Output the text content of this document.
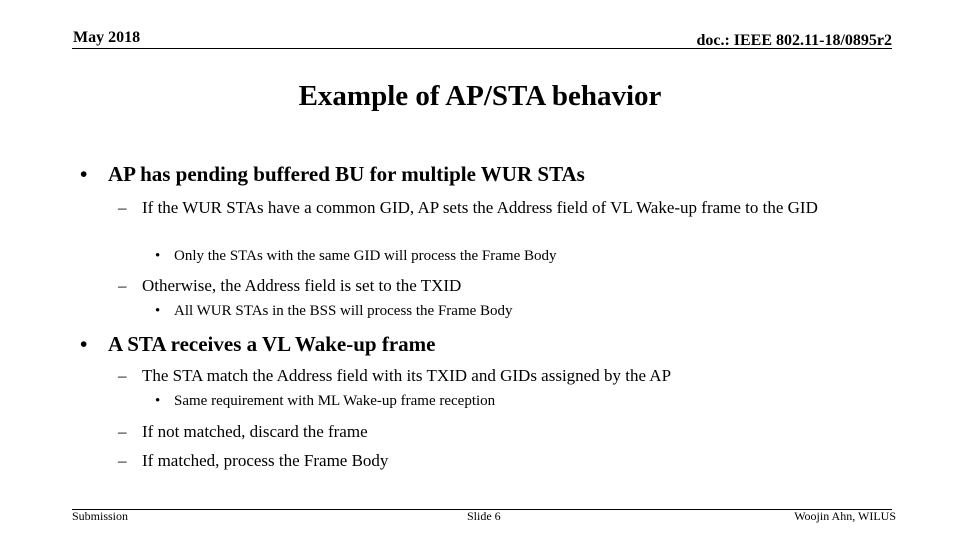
May 2018	doc.: IEEE 802.11-18/0895r2
Example of AP/STA behavior
• AP has pending buffered BU for multiple WUR STAs
– If the WUR STAs have a common GID, AP sets the Address field of VL Wake-up frame to the GID
• Only the STAs with the same GID will process the Frame Body
– Otherwise, the Address field is set to the TXID
• All WUR STAs in the BSS will process the Frame Body
• A STA receives a VL Wake-up frame
– The STA match the Address field with its TXID and GIDs assigned by the AP
• Same requirement with ML Wake-up frame reception
– If not matched, discard the frame
– If matched, process the Frame Body
Submission	Slide 6	Woojin Ahn, WILUS
